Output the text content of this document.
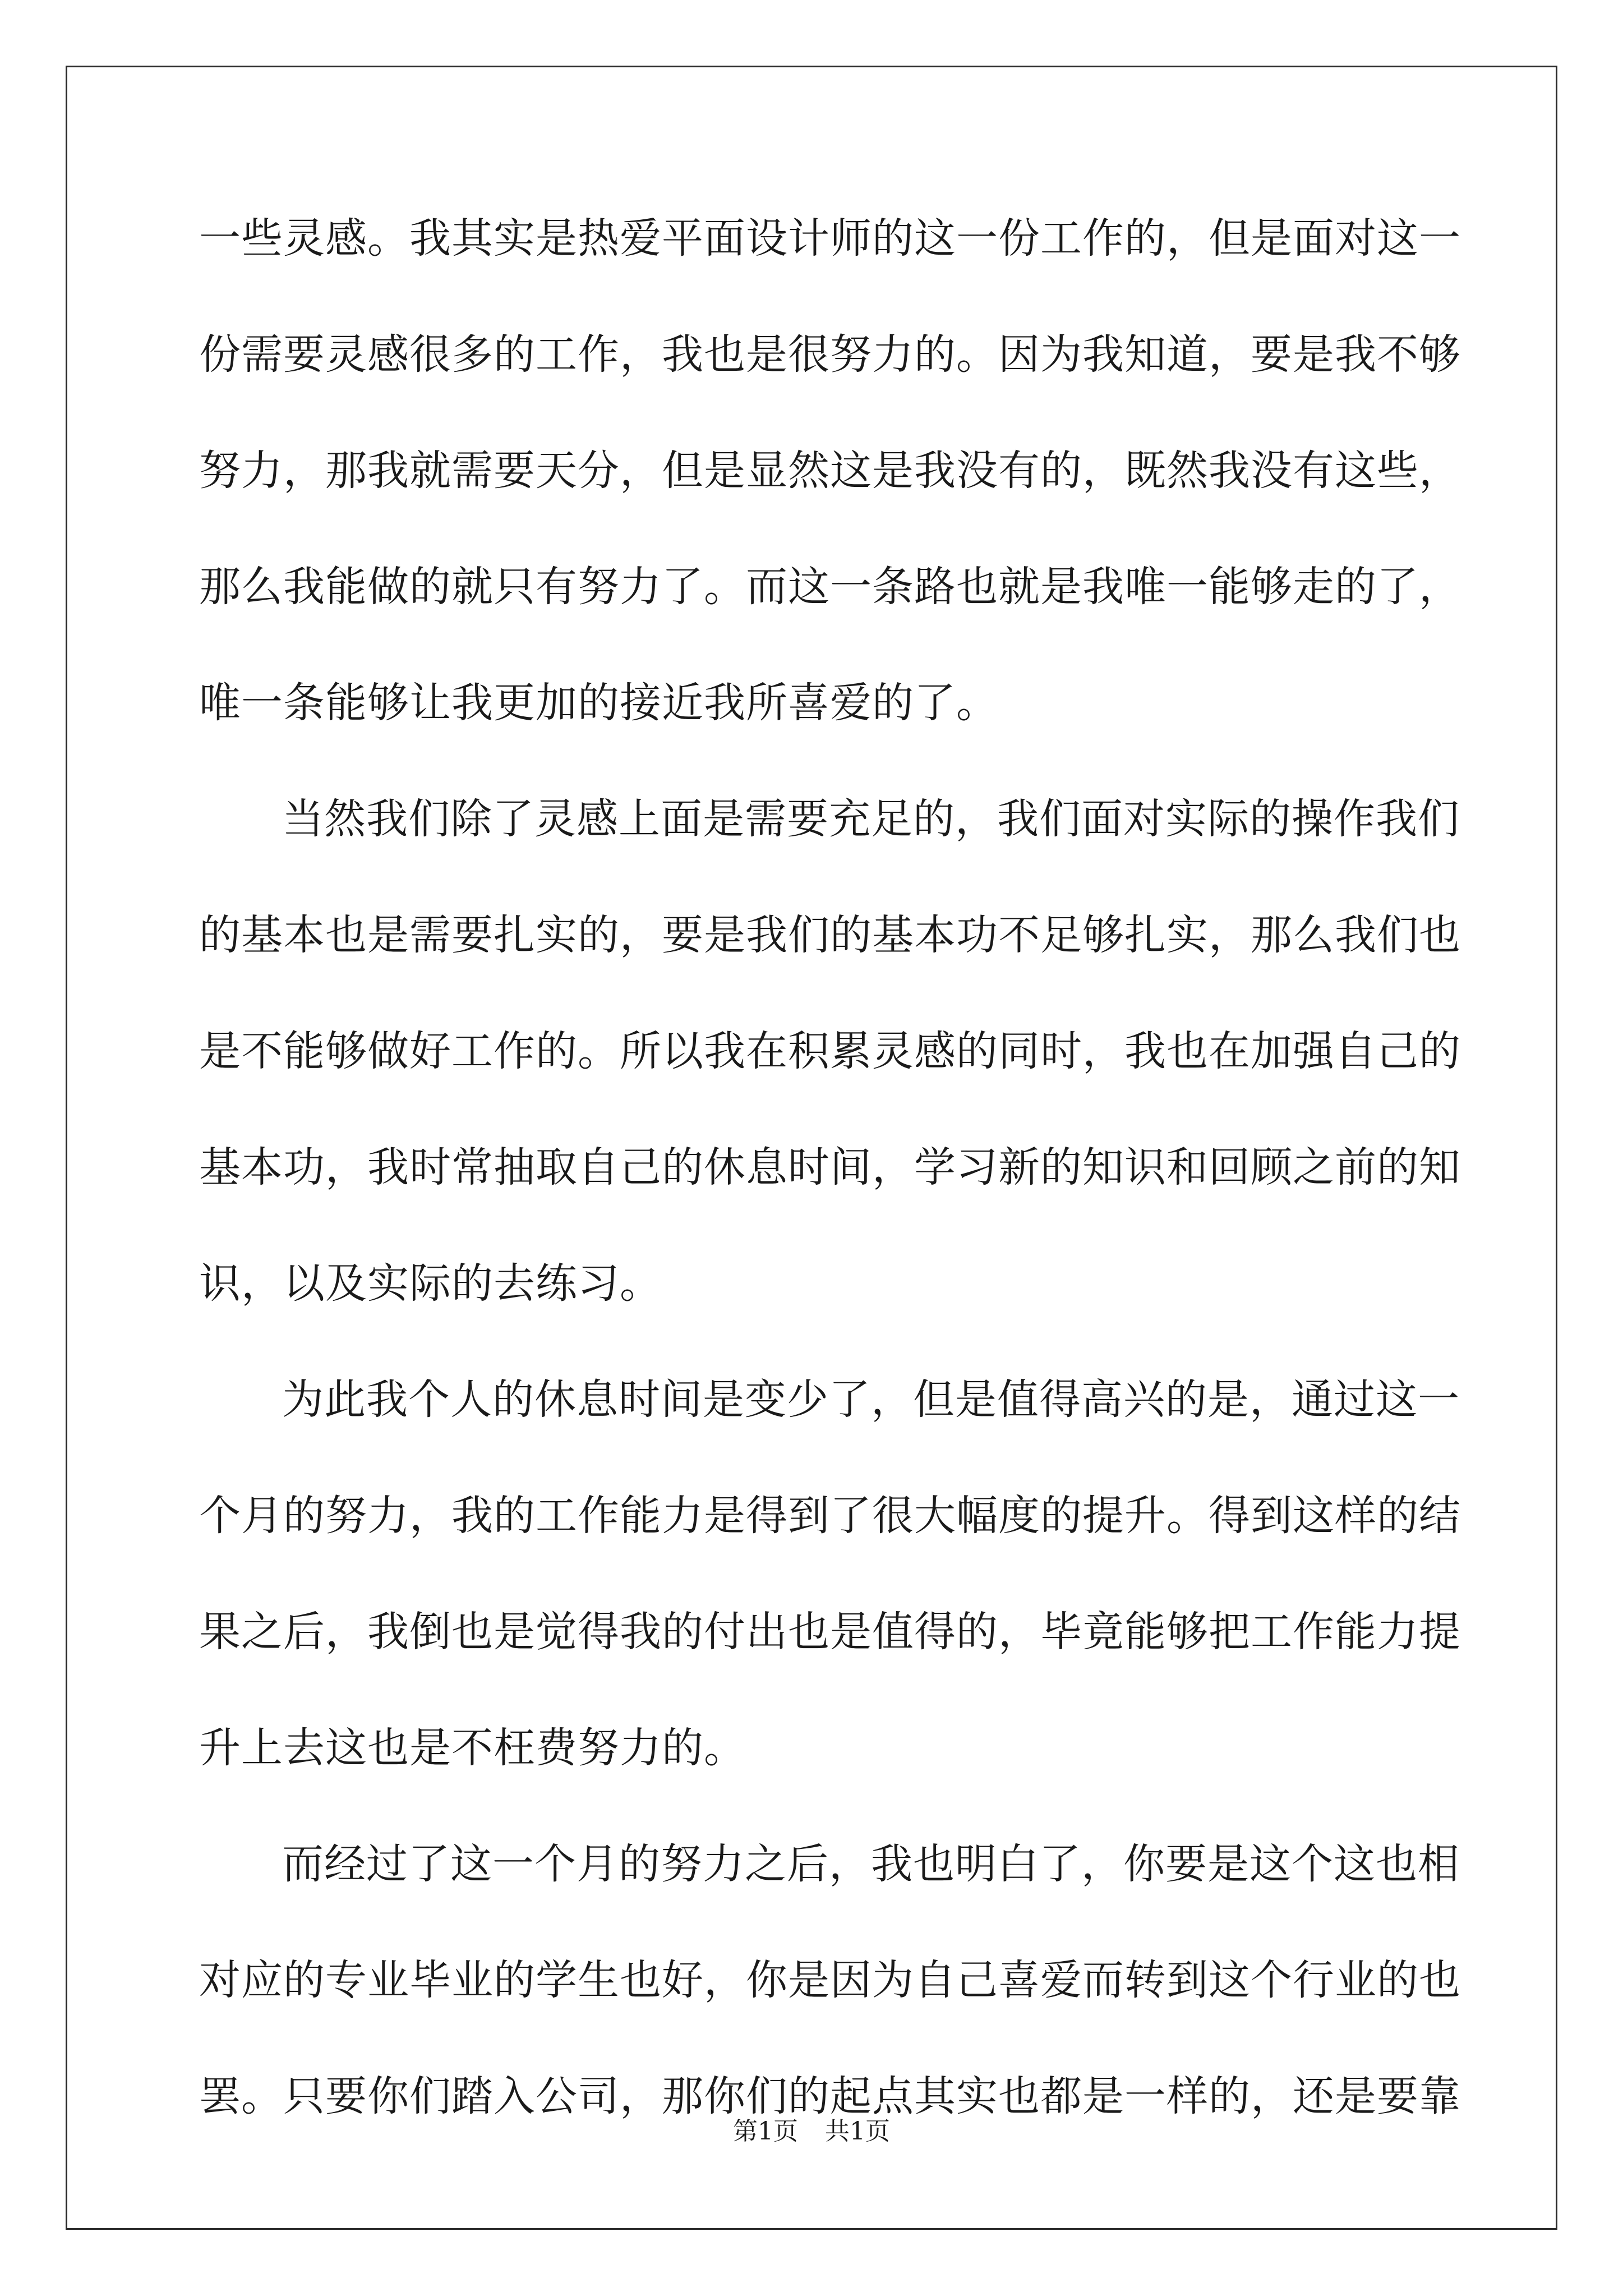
一些灵感。我其实是热爱平面设计师的这一份工作的，但是面对这一
份需要灵感很多的工作，我也是很努力的。因为我知道，要是我不够
努力，那我就需要天分，但是显然这是我没有的，既然我没有这些，
那么我能做的就只有努力了。而这一条路也就是我唯一能够走的了，
唯一条能够让我更加的接近我所喜爱的了。
当然我们除了灵感上面是需要充足的，我们面对实际的操作我们
的基本也是需要扎实的，要是我们的基本功不足够扎实，那么我们也
是不能够做好工作的。所以我在积累灵感的同时，我也在加强自己的
基本功，我时常抽取自己的休息时间，学习新的知识和回顾之前的知
识，以及实际的去练习。
为此我个人的休息时间是变少了，但是值得高兴的是，通过这一
个月的努力，我的工作能力是得到了很大幅度的提升。得到这样的结
果之后，我倒也是觉得我的付出也是值得的，毕竟能够把工作能力提
升上去这也是不枉费努力的。
而经过了这一个月的努力之后，我也明白了，你要是这个这也相
对应的专业毕业的学生也好，你是因为自己喜爱而转到这个行业的也
罢。只要你们踏入公司，那你们的起点其实也都是一样的，还是要靠
第1页 共1页
